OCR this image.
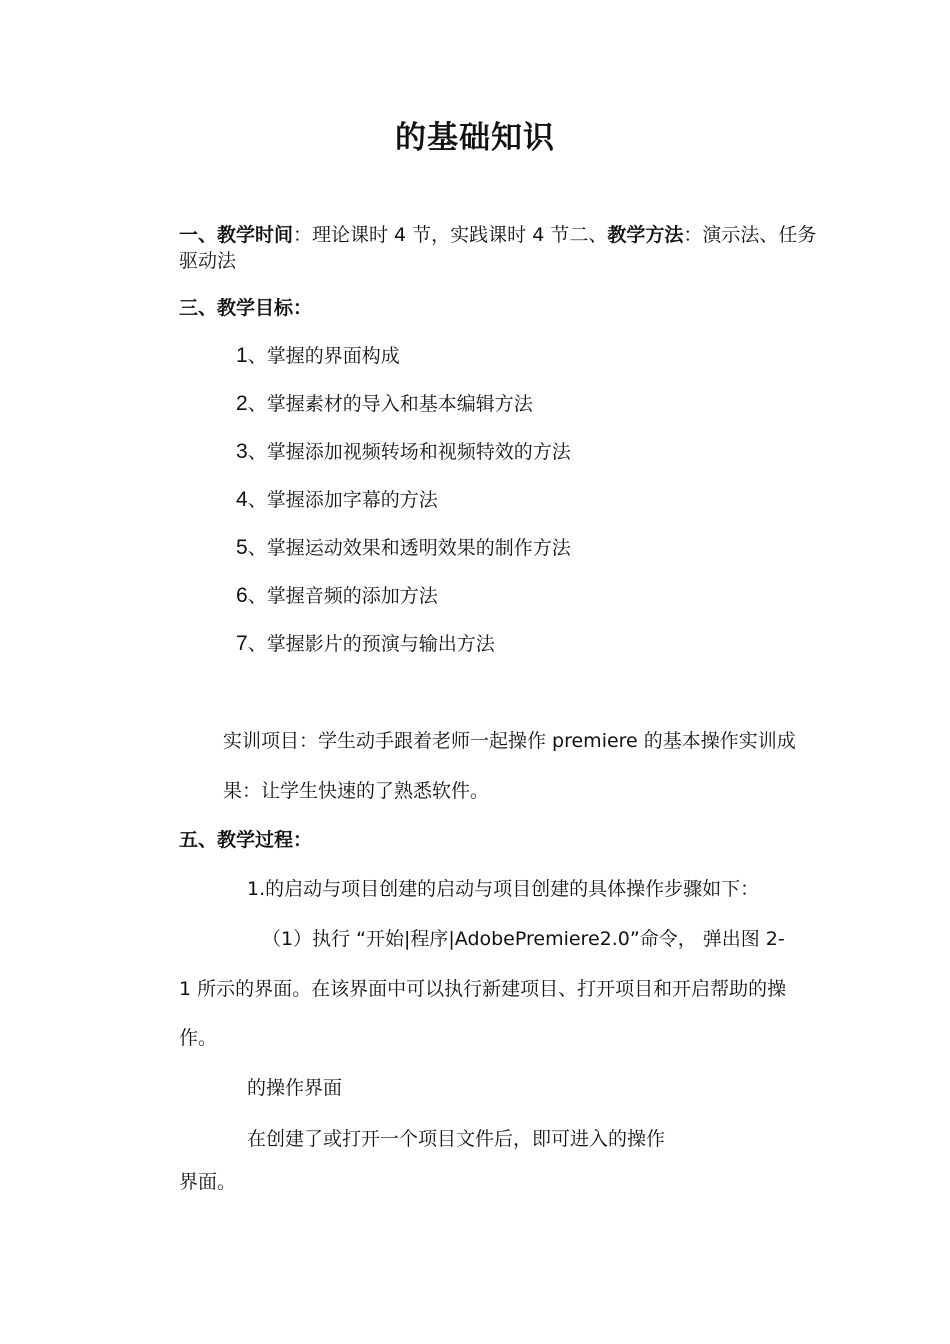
的基础知识
一、教学时间：理论课时 4 节，实践课时 4 节二、教学方法：演示法、任务驱动法
三、教学目标：
1、掌握的界面构成
2、掌握素材的导入和基本编辑方法
3、掌握添加视频转场和视频特效的方法
4、掌握添加字幕的方法
5、掌握运动效果和透明效果的制作方法
6、掌握音频的添加方法
7、掌握影片的预演与输出方法
实训项目：学生动手跟着老师一起操作 premiere 的基本操作实训成
果：让学生快速的了熟悉软件。
五、教学过程：
1.的启动与项目创建的启动与项目创建的具体操作步骤如下：
（1）执行 “开始|程序|AdobePremiere2.0”命令， 弹出图 2-
1 所示的界面。在该界面中可以执行新建项目、打开项目和开启帮助的操
作。
的操作界面
在创建了或打开一个项目文件后，即可进入的操作
界面。
